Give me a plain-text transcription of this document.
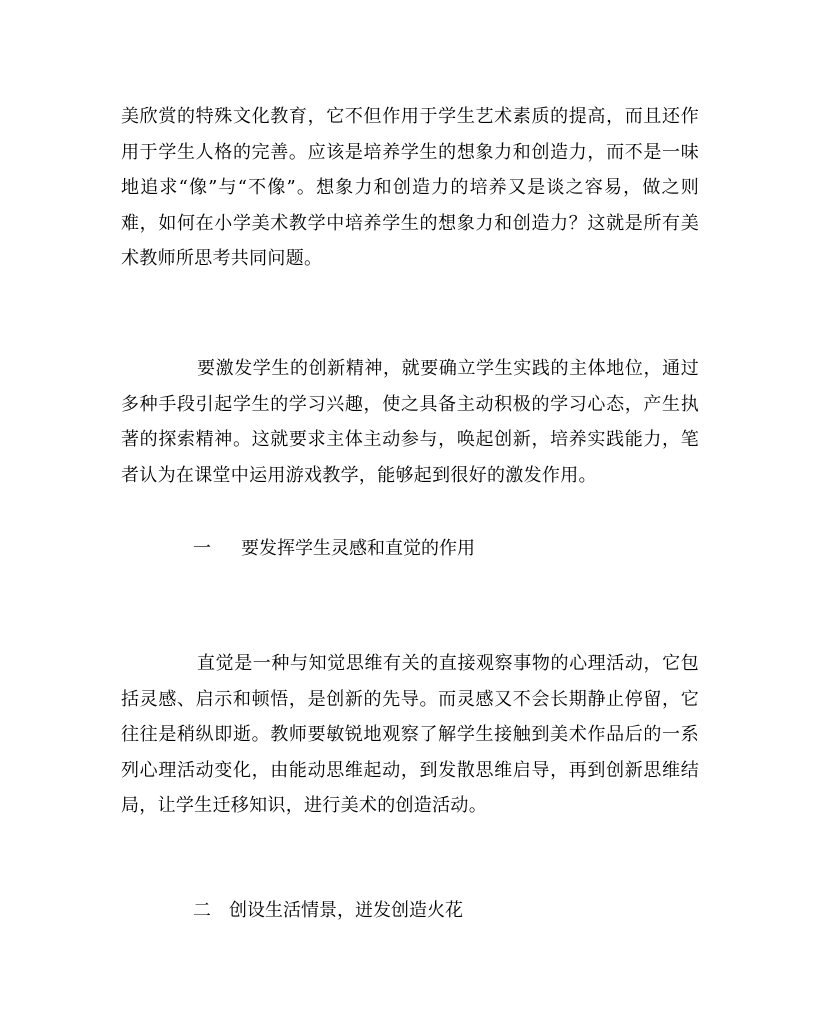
美欣赏的特殊文化教育，它不但作用于学生艺术素质的提高，而且还作用于学生人格的完善。应该是培养学生的想象力和创造力，而不是一味地追求“像”与“不像”。想象力和创造力的培养又是谈之容易，做之则难，如何在小学美术教学中培养学生的想象力和创造力？这就是所有美术教师所思考共同问题。

要激发学生的创新精神，就要确立学生实践的主体地位，通过多种手段引起学生的学习兴趣，使之具备主动积极的学习心态，产生执著的探索精神。这就要求主体主动参与，唤起创新，培养实践能力，笔者认为在课堂中运用游戏教学，能够起到很好的激发作用。

一 要发挥学生灵感和直觉的作用

直觉是一种与知觉思维有关的直接观察事物的心理活动，它包括灵感、启示和顿悟，是创新的先导。而灵感又不会长期静止停留，它往往是稍纵即逝。教师要敏锐地观察了解学生接触到美术作品后的一系列心理活动变化，由能动思维起动，到发散思维启导，再到创新思维结局，让学生迁移知识，进行美术的创造活动。

二 创设生活情景，迸发创造火花
